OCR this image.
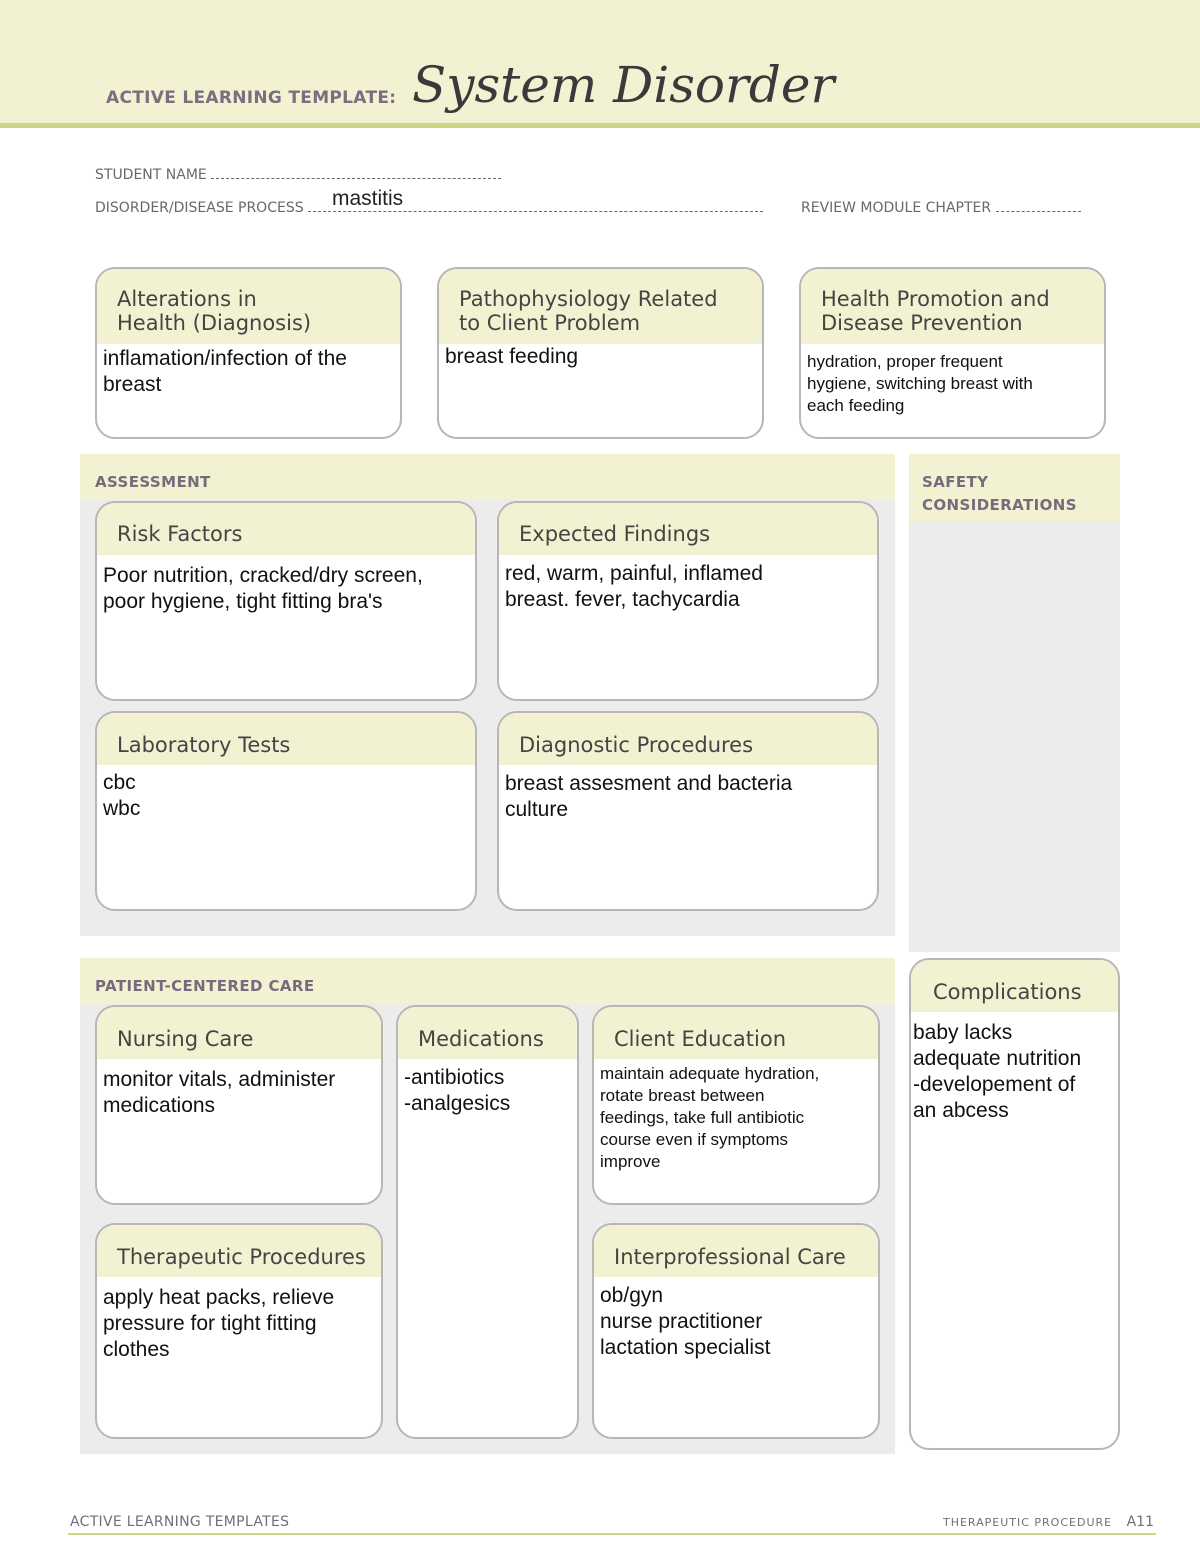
ACTIVE LEARNING TEMPLATE: System Disorder
STUDENT NAME
DISORDER/DISEASE PROCESS	mastitis	REVIEW MODULE CHAPTER
Alterations in
Health (Diagnosis)
inflamation/infection of the
breast
Pathophysiology Related
to Client Problem
breast feeding
Health Promotion and
Disease Prevention
hydration, proper frequent
hygiene, switching breast with
each feeding
ASSESSMENT
Risk Factors
Poor nutrition, cracked/dry screen,
poor hygiene, tight fitting bra's
Expected Findings
red, warm, painful, inflamed
breast. fever, tachycardia
Laboratory Tests
cbc
wbc
Diagnostic Procedures
breast assesment and bacteria
culture
SAFETY
CONSIDERATIONS
Complications
baby lacks
adequate nutrition
-developement of
an abcess
PATIENT-CENTERED CARE
Nursing Care
monitor vitals, administer
medications
Medications
-antibiotics
-analgesics
Client Education
maintain adequate hydration,
rotate breast between
feedings, take full antibiotic
course even if symptoms
improve
Therapeutic Procedures
apply heat packs, relieve
pressure for tight fitting
clothes
Interprofessional Care
ob/gyn
nurse practitioner
lactation specialist
ACTIVE LEARNING TEMPLATES	THERAPEUTIC PROCEDURE A11
